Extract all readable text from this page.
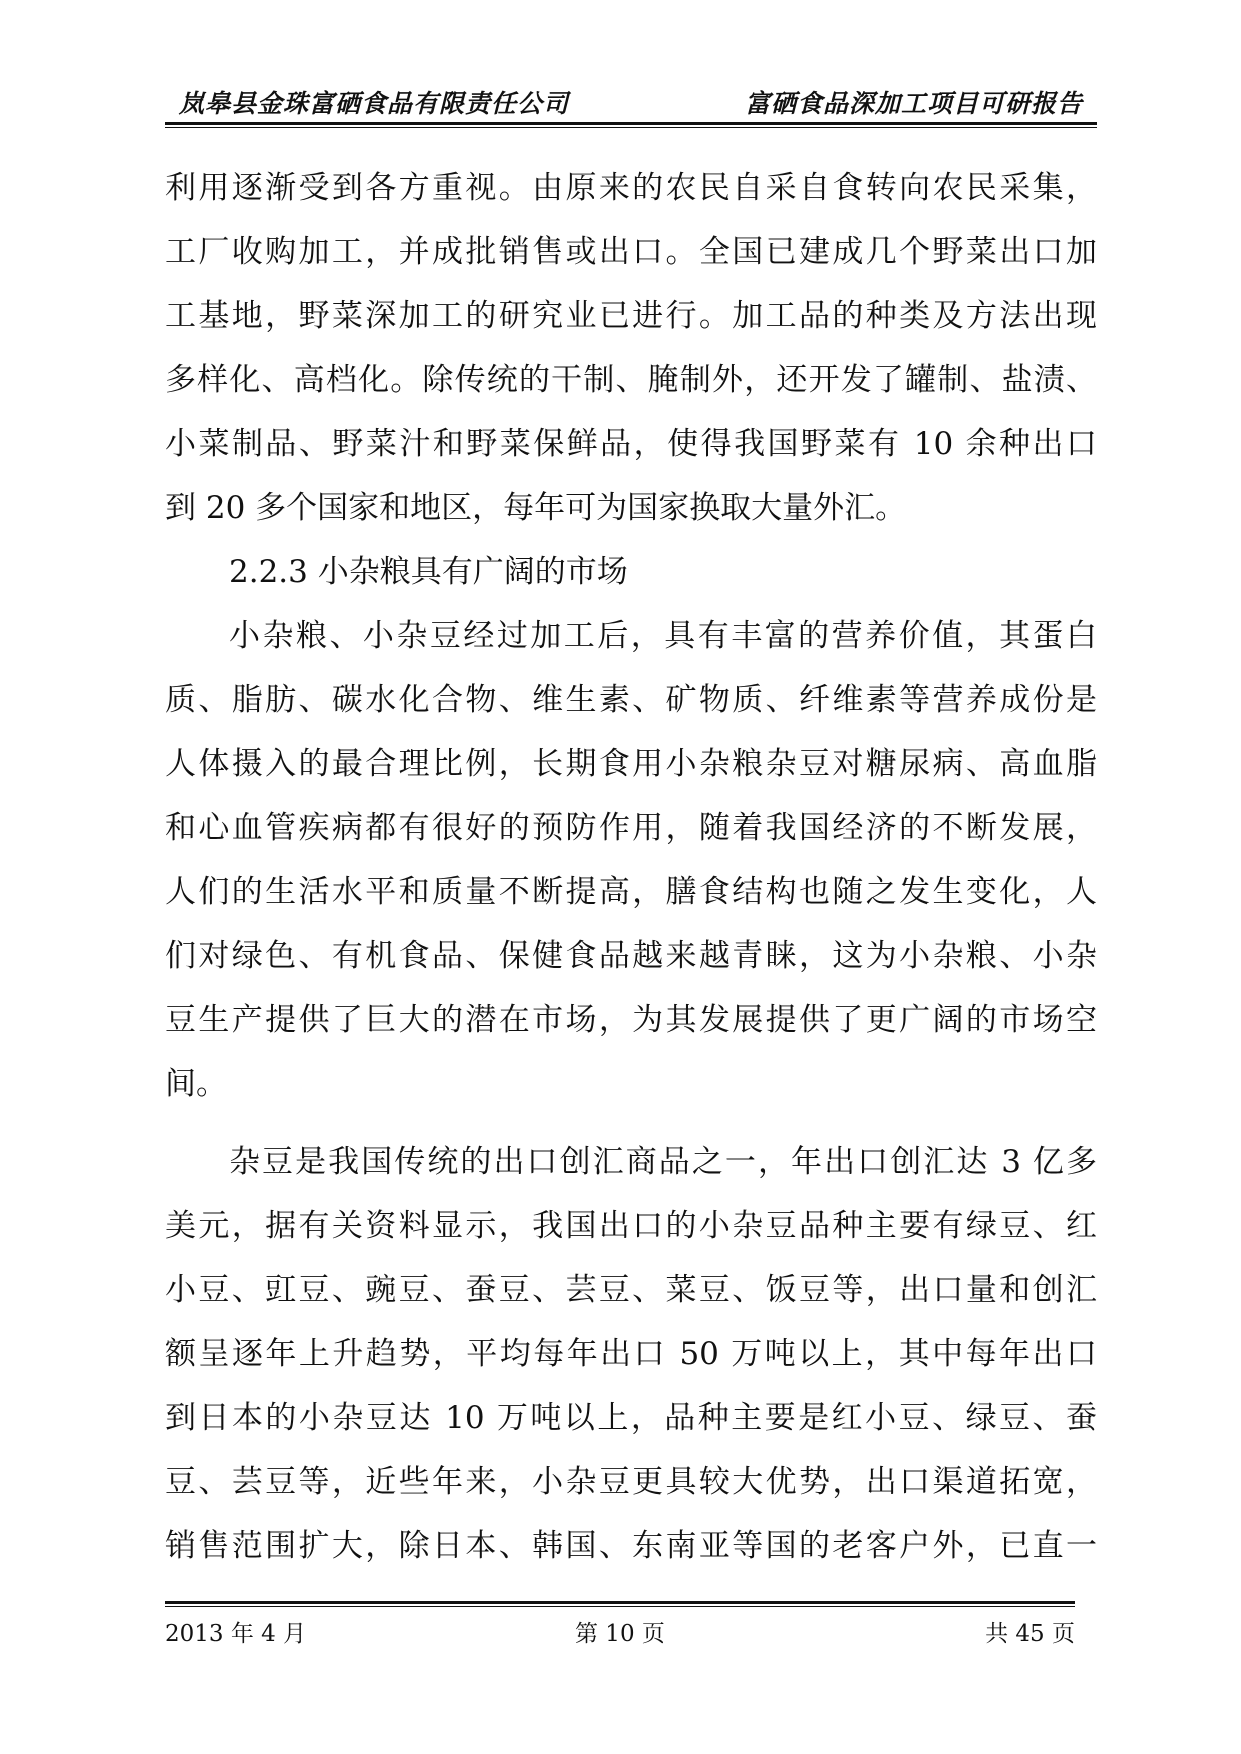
岚皋县金珠富硒食品有限责任公司	富硒食品深加工项目可研报告
利用逐渐受到各方重视。由原来的农民自采自食转向农民采集，
工厂收购加工，并成批销售或出口。全国已建成几个野菜出口加
工基地，野菜深加工的研究业已进行。加工品的种类及方法出现
多样化、高档化。除传统的干制、腌制外，还开发了罐制、盐渍、
小菜制品、野菜汁和野菜保鲜品，使得我国野菜有 10 余种出口
到 20 多个国家和地区，每年可为国家换取大量外汇。
2.2.3 小杂粮具有广阔的市场
小杂粮、小杂豆经过加工后，具有丰富的营养价值，其蛋白
质、脂肪、碳水化合物、维生素、矿物质、纤维素等营养成份是
人体摄入的最合理比例，长期食用小杂粮杂豆对糖尿病、高血脂
和心血管疾病都有很好的预防作用，随着我国经济的不断发展，
人们的生活水平和质量不断提高，膳食结构也随之发生变化，人
们对绿色、有机食品、保健食品越来越青睐，这为小杂粮、小杂
豆生产提供了巨大的潜在市场，为其发展提供了更广阔的市场空
间。
杂豆是我国传统的出口创汇商品之一，年出口创汇达 3 亿多
美元，据有关资料显示，我国出口的小杂豆品种主要有绿豆、红
小豆、豇豆、豌豆、蚕豆、芸豆、菜豆、饭豆等，出口量和创汇
额呈逐年上升趋势，平均每年出口 50 万吨以上，其中每年出口
到日本的小杂豆达 10 万吨以上，品种主要是红小豆、绿豆、蚕
豆、芸豆等，近些年来，小杂豆更具较大优势，出口渠道拓宽，
销售范围扩大，除日本、韩国、东南亚等国的老客户外，已直一
2013 年 4 月	第 10 页	共 45 页
